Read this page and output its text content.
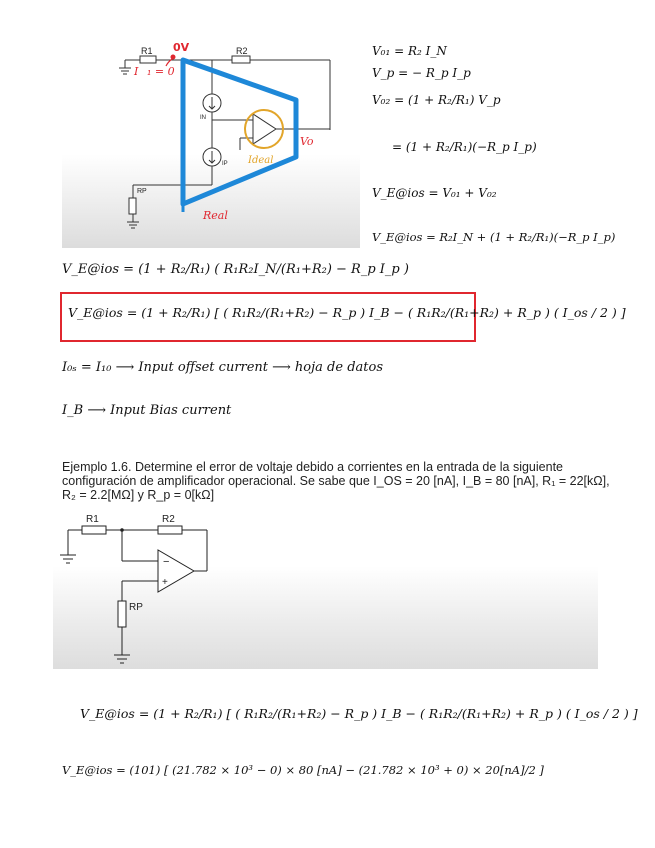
R1	R2
IN
IP
RP
0V
I ₁ = 0
Ideal
Vo
Real
V₀₁ = R₂ I_N
V_p = − R_p I_p
V₀₂ = (1 + R₂/R₁) V_p
= (1 + R₂/R₁)(−R_p I_p)
V_E@ios = V₀₁ + V₀₂
V_E@ios = R₂I_N + (1 + R₂/R₁)(−R_p I_p)
V_E@ios = (1 + R₂/R₁) ( R₁R₂I_N/(R₁+R₂) − R_p I_p )
V_E@ios = (1 + R₂/R₁) [ ( R₁R₂/(R₁+R₂) − R_p ) I_B − ( R₁R₂/(R₁+R₂) + R_p ) ( I_os / 2 ) ]
I₀ₛ = I₁₀ ⟶ Input offset current ⟶ hoja de datos
I_B ⟶ Input Bias current
Ejemplo 1.6. Determine el error de voltaje debido a corrientes en la entrada de la siguiente
configuración de amplificador operacional. Se sabe que I_OS = 20 [nA], I_B = 80 [nA], R₁ = 22[kΩ],
R₂ = 2.2[MΩ] y R_p = 0[kΩ]
R1	R2
RP
−
+
V_E@ios = (1 + R₂/R₁) [ ( R₁R₂/(R₁+R₂) − R_p ) I_B − ( R₁R₂/(R₁+R₂) + R_p ) ( I_os / 2 ) ]
V_E@ios = (101) [ (21.782 × 10³ − 0) × 80 [nA] − (21.782 × 10³ + 0) × 20[nA]/2 ]
